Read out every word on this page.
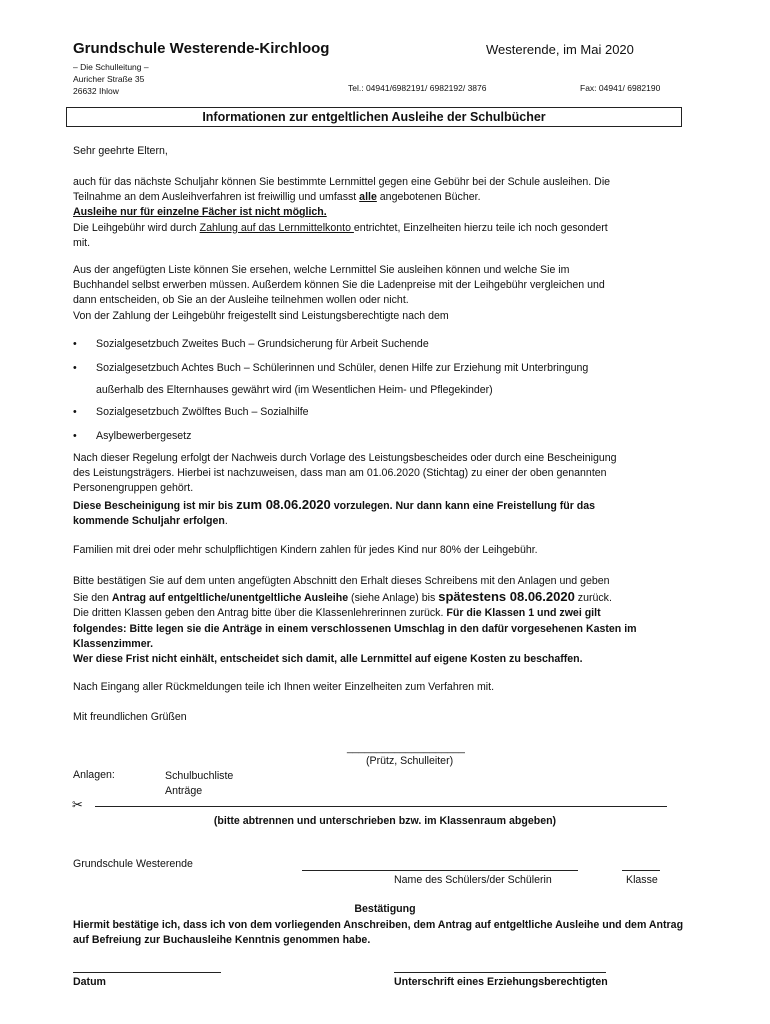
Grundschule Westerende-Kirchloog	Westerende, im Mai 2020
– Die Schulleitung –
Auricher Straße 35
26632 Ihlow	Tel.: 04941/6982191/ 6982192/ 3876	Fax: 04941/ 6982190
Informationen zur entgeltlichen Ausleihe der Schulbücher
Sehr geehrte Eltern,
auch für das nächste Schuljahr können Sie bestimmte Lernmittel gegen eine Gebühr bei der Schule ausleihen. Die
Teilnahme an dem Ausleihverfahren ist freiwillig und umfasst alle angebotenen Bücher.
Ausleihe nur für einzelne Fächer ist nicht möglich.
Die Leihgebühr wird durch Zahlung auf das Lernmittelkonto entrichtet, Einzelheiten hierzu teile ich noch gesondert
mit.
Aus der angefügten Liste können Sie ersehen, welche Lernmittel Sie ausleihen können und welche Sie im
Buchhandel selbst erwerben müssen. Außerdem können Sie die Ladenpreise mit der Leihgebühr vergleichen und
dann entscheiden, ob Sie an der Ausleihe teilnehmen wollen oder nicht.
Von der Zahlung der Leihgebühr freigestellt sind Leistungsberechtigte nach dem
• Sozialgesetzbuch Zweites Buch – Grundsicherung für Arbeit Suchende
• Sozialgesetzbuch Achtes Buch – Schülerinnen und Schüler, denen Hilfe zur Erziehung mit Unterbringung
außerhalb des Elternhauses gewährt wird (im Wesentlichen Heim- und Pflegekinder)
• Sozialgesetzbuch Zwölftes Buch – Sozialhilfe
• Asylbewerbergesetz
Nach dieser Regelung erfolgt der Nachweis durch Vorlage des Leistungsbescheides oder durch eine Bescheinigung
des Leistungsträgers. Hierbei ist nachzuweisen, dass man am 01.06.2020 (Stichtag) zu einer der oben genannten
Personengruppen gehört.
Diese Bescheinigung ist mir bis zum 08.06.2020 vorzulegen. Nur dann kann eine Freistellung für das
kommende Schuljahr erfolgen.
Familien mit drei oder mehr schulpflichtigen Kindern zahlen für jedes Kind nur 80% der Leihgebühr.
Bitte bestätigen Sie auf dem unten angefügten Abschnitt den Erhalt dieses Schreibens mit den Anlagen und geben
Sie den Antrag auf entgeltliche/unentgeltliche Ausleihe (siehe Anlage) bis spätestens 08.06.2020 zurück.
Die dritten Klassen geben den Antrag bitte über die Klassenlehrerinnen zurück. Für die Klassen 1 und zwei gilt
folgendes: Bitte legen sie die Anträge in einem verschlossenen Umschlag in den dafür vorgesehenen Kasten im
Klassenzimmer.
Wer diese Frist nicht einhält, entscheidet sich damit, alle Lernmittel auf eigene Kosten zu beschaffen.
Nach Eingang aller Rückmeldungen teile ich Ihnen weiter Einzelheiten zum Verfahren mit.
Mit freundlichen Grüßen
____________________
(Prütz, Schulleiter)
Anlagen:	Schulbuchliste
Anträge
✂
(bitte abtrennen und unterschrieben bzw. im Klassenraum abgeben)
Grundschule Westerende
Name des Schülers/der Schülerin	Klasse
Bestätigung
Hiermit bestätige ich, dass ich von dem vorliegenden Anschreiben, dem Antrag auf entgeltliche Ausleihe und dem Antrag auf Befreiung zur Buchausleihe Kenntnis genommen habe.
Datum	Unterschrift eines Erziehungsberechtigten
